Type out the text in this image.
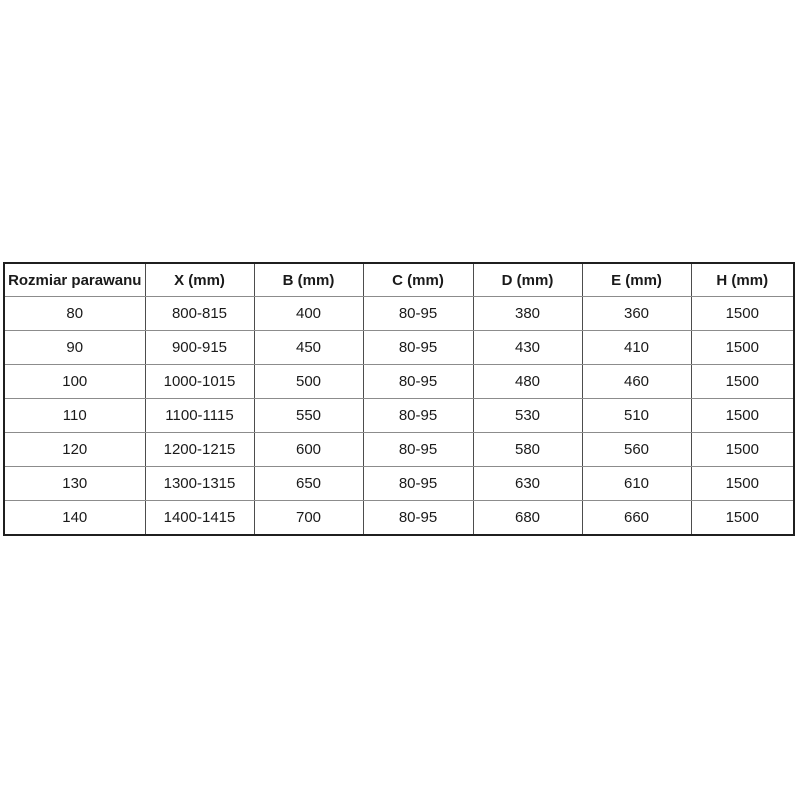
Rozmiar parawanu	X (mm)	B (mm)	C (mm)	D (mm)	E (mm)	H (mm)
80	800-815	400	80-95	380	360	1500
90	900-915	450	80-95	430	410	1500
100	1000-1015	500	80-95	480	460	1500
110	1100-1115	550	80-95	530	510	1500
120	1200-1215	600	80-95	580	560	1500
130	1300-1315	650	80-95	630	610	1500
140	1400-1415	700	80-95	680	660	1500
